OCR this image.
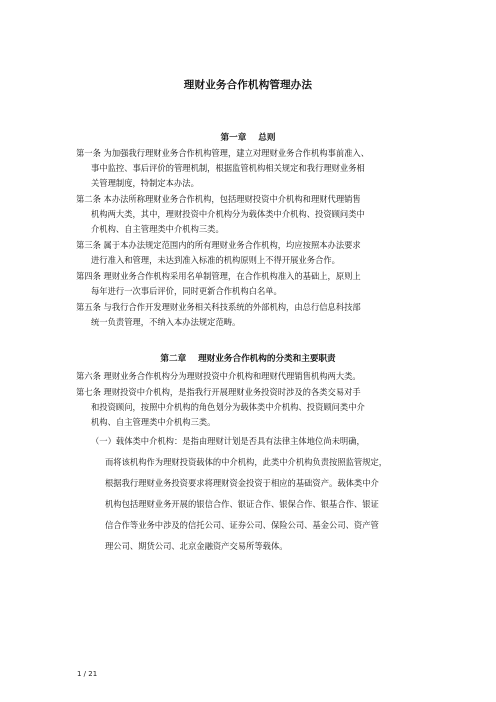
理财业务合作机构管理办法
第一章    总则
第一条 为加强我行理财业务合作机构管理，建立对理财业务合作机构事前准入、
事中监控、事后评价的管理机制，根据监管机构相关规定和我行理财业务相
关管理制度，特制定本办法。
第二条 本办法所称理财业务合作机构，包括理财投资中介机构和理财代理销售
机构两大类，其中，理财投资中介机构分为载体类中介机构、投资顾问类中
介机构、自主管理类中介机构三类。
第三条 属于本办法规定范围内的所有理财业务合作机构，均应按照本办法要求
进行准入和管理，未达到准入标准的机构原则上不得开展业务合作。
第四条 理财业务合作机构采用名单制管理，在合作机构准入的基础上，原则上
每年进行一次事后评价，同时更新合作机构白名单。
第五条 与我行合作开发理财业务相关科技系统的外部机构，由总行信息科技部
统一负责管理，不纳入本办法规定范畴。
第二章    理财业务合作机构的分类和主要职责
第六条 理财业务合作机构分为理财投资中介机构和理财代理销售机构两大类。
第七条 理财投资中介机构，是指我行开展理财业务投资时涉及的各类交易对手
和投资顾问，按照中介机构的角色划分为载体类中介机构、投资顾问类中介
机构、自主管理类中介机构三类。
（一）载体类中介机构：是指由理财计划是否具有法律主体地位尚未明确，
而将该机构作为理财投资载体的中介机构，此类中介机构负责按照监管规定，
根据我行理财业务投资要求将理财资金投资于相应的基础资产。载体类中介
机构包括理财业务开展的银信合作、银证合作、银保合作、银基合作、银证
信合作等业务中涉及的信托公司、证券公司、保险公司、基金公司、资产管
理公司、期货公司、北京金融资产交易所等载体。
1 / 21
